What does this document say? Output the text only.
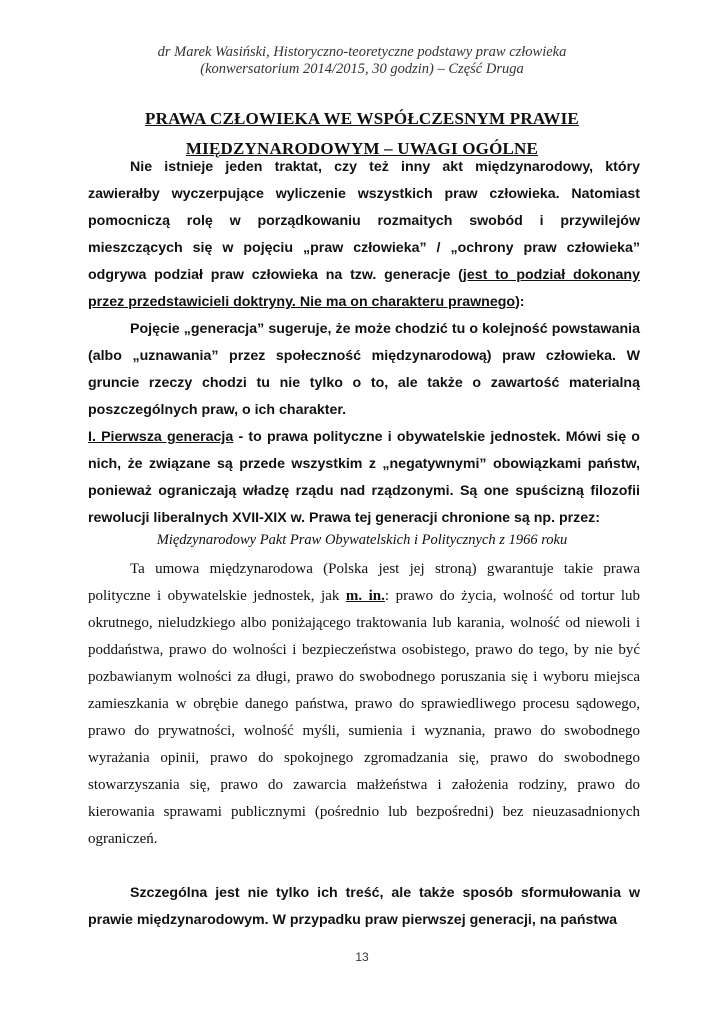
dr Marek Wasiński, Historyczno-teoretyczne podstawy praw człowieka
(konwersatorium 2014/2015, 30 godzin) – Część Druga
PRAWA CZŁOWIEKA WE WSPÓŁCZESNYM PRAWIE
MIĘDZYNARODOWYM – UWAGI OGÓLNE
Nie istnieje jeden traktat, czy też inny akt międzynarodowy, który zawierałby wyczerpujące wyliczenie wszystkich praw człowieka. Natomiast pomocniczą rolę w porządkowaniu rozmaitych swobód i przywilejów mieszczących się w pojęciu „praw człowieka” / „ochrony praw człowieka” odgrywa podział praw człowieka na tzw. generacje (jest to podział dokonany przez przedstawicieli doktryny. Nie ma on charakteru prawnego):
Pojęcie „generacja” sugeruje, że może chodzić tu o kolejność powstawania (albo „uznawania” przez społeczność międzynarodową) praw człowieka. W gruncie rzeczy chodzi tu nie tylko o to, ale także o zawartość materialną poszczególnych praw, o ich charakter.
I. Pierwsza generacja - to prawa polityczne i obywatelskie jednostek. Mówi się o nich, że związane są przede wszystkim z „negatywnymi” obowiązkami państw, ponieważ ograniczają władzę rządu nad rządzonymi. Są one spuścizną filozofii rewolucji liberalnych XVII-XIX w. Prawa tej generacji chronione są np. przez:
Międzynarodowy Pakt Praw Obywatelskich i Politycznych z 1966 roku
Ta umowa międzynarodowa (Polska jest jej stroną) gwarantuje takie prawa polityczne i obywatelskie jednostek, jak m. in.: prawo do życia, wolność od tortur lub okrutnego, nieludzkiego albo poniżającego traktowania lub karania, wolność od niewoli i poddaństwa, prawo do wolności i bezpieczeństwa osobistego, prawo do tego, by nie być pozbawianym wolności za długi, prawo do swobodnego poruszania się i wyboru miejsca zamieszkania w obrębie danego państwa, prawo do sprawiedliwego procesu sądowego, prawo do prywatności, wolność myśli, sumienia i wyznania, prawo do swobodnego wyrażania opinii, prawo do spokojnego zgromadzania się, prawo do swobodnego stowarzyszania się, prawo do zawarcia małżeństwa i założenia rodziny, prawo do kierowania sprawami publicznymi (pośrednio lub bezpośredni) bez nieuzasadnionych ograniczeń.
Szczególna jest nie tylko ich treść, ale także sposób sformułowania w prawie międzynarodowym. W przypadku praw pierwszej generacji, na państwa
13
